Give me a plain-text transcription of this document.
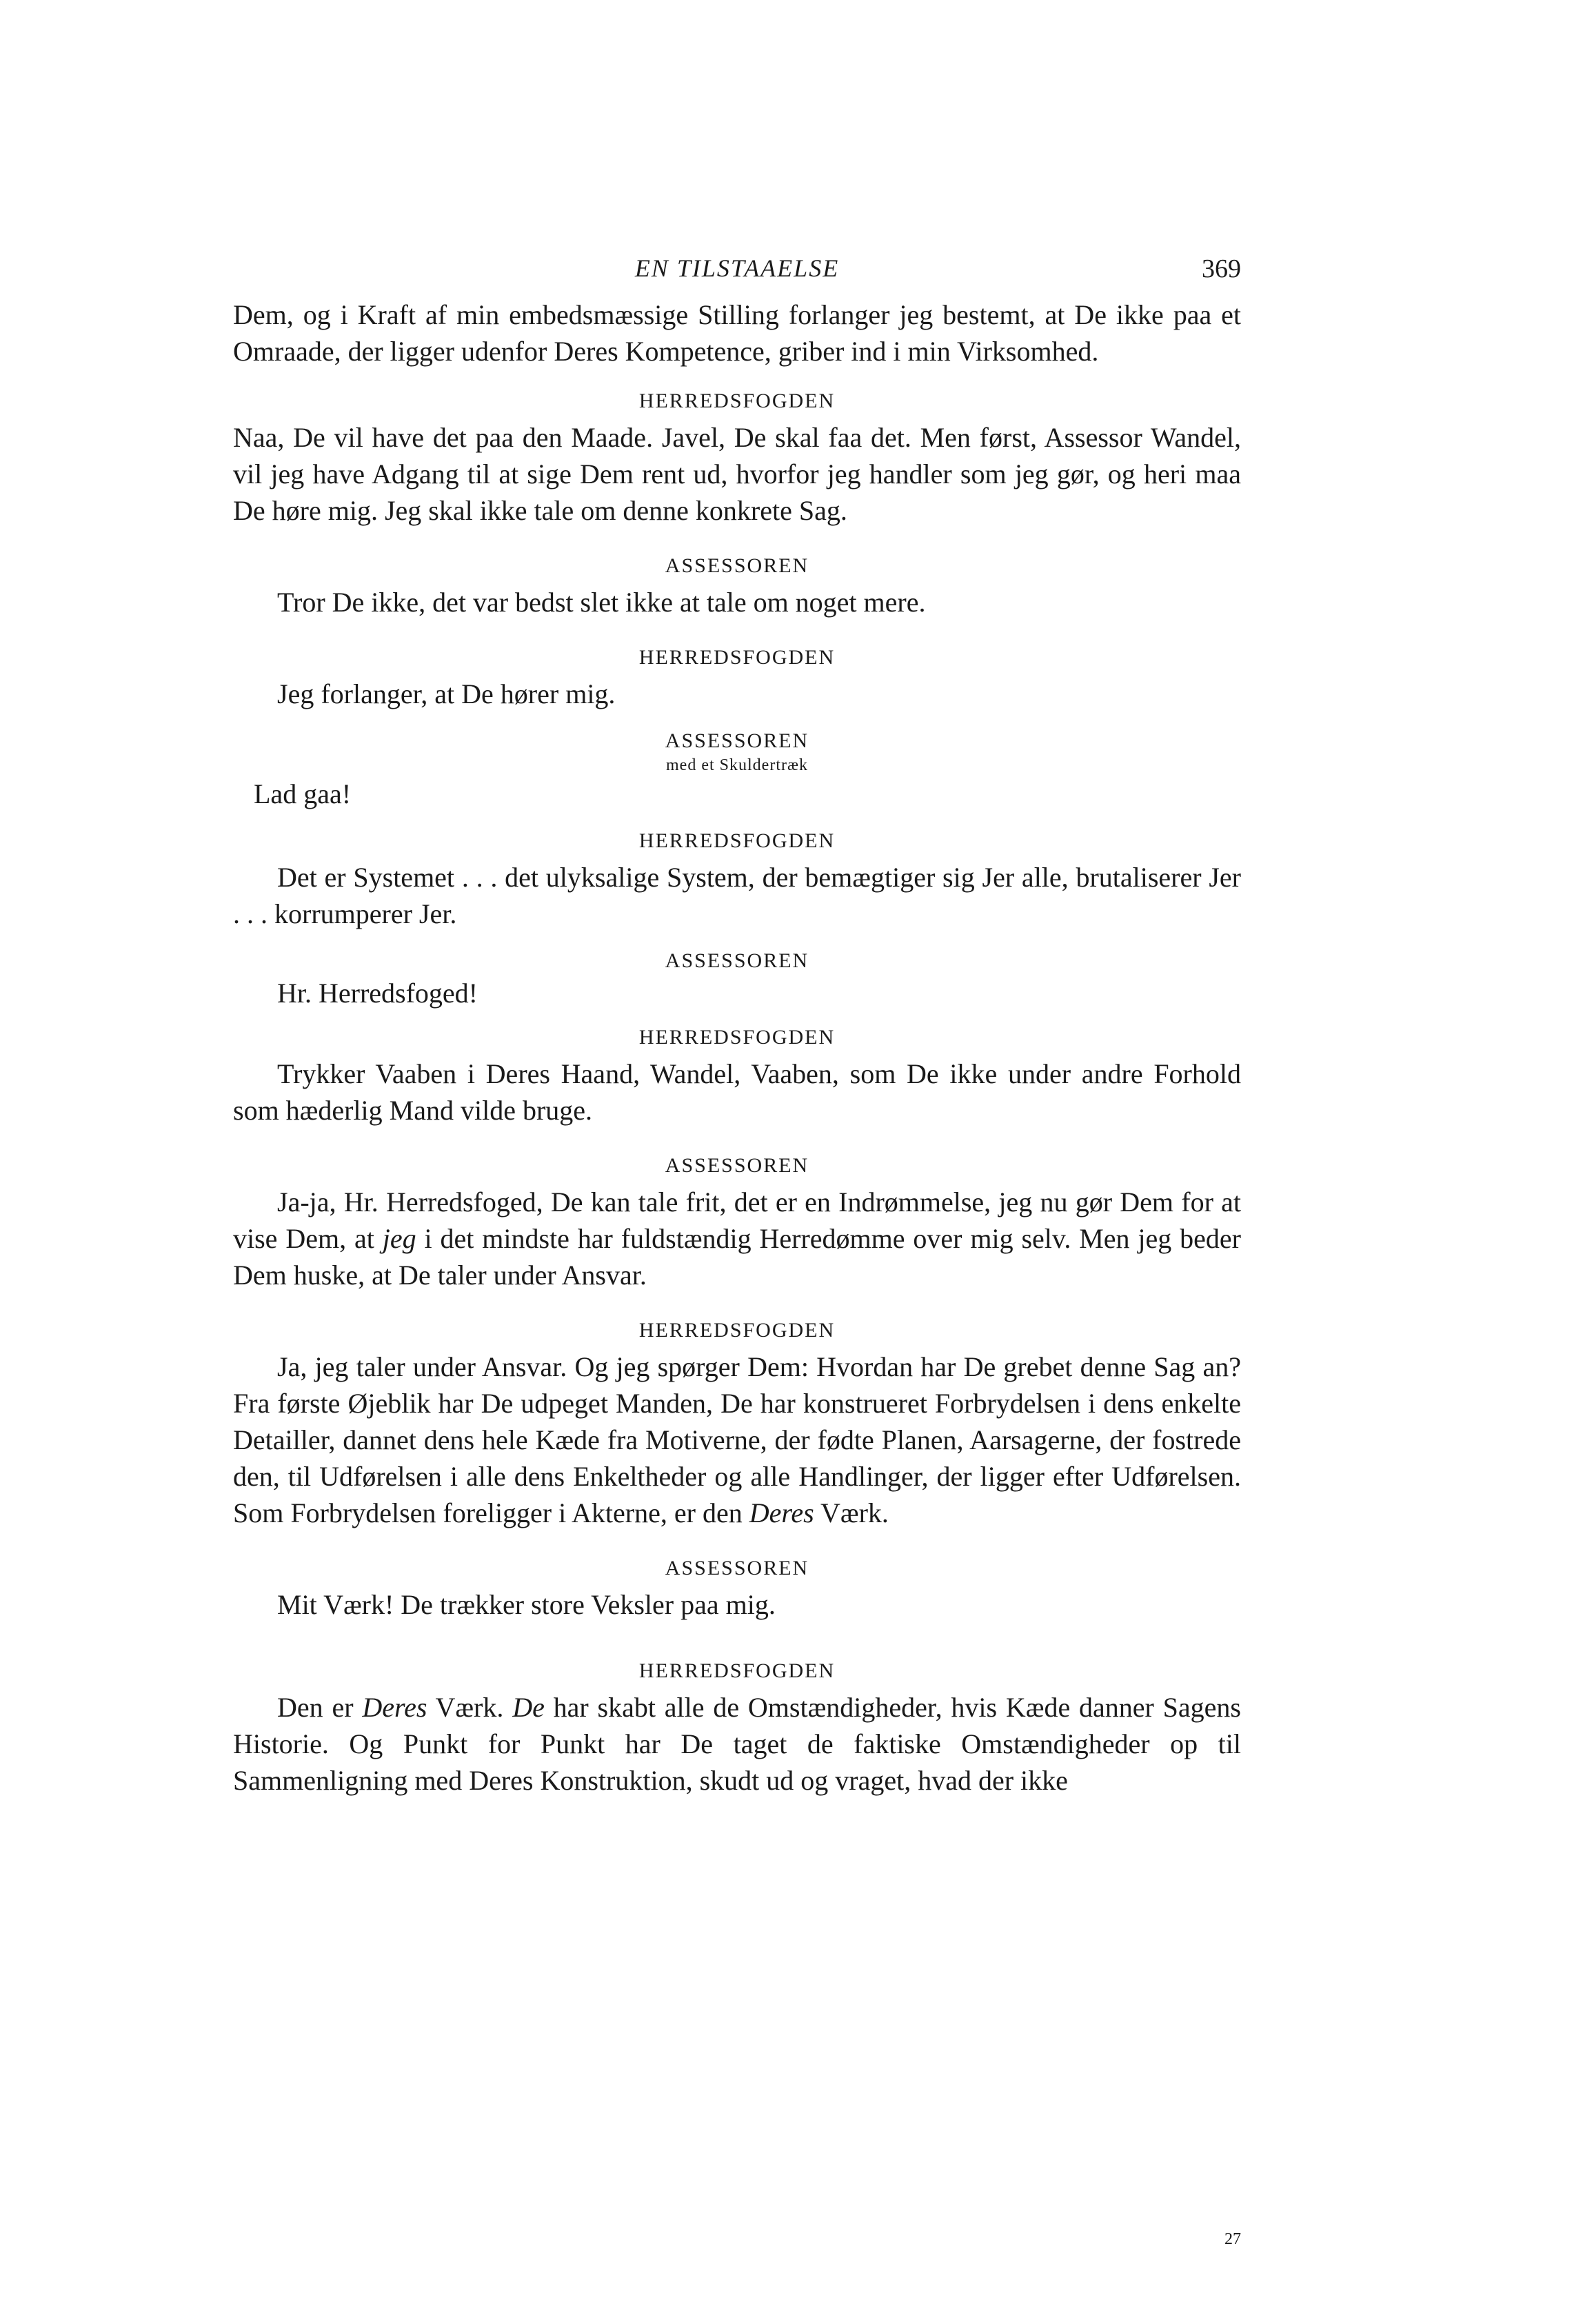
EN TILSTAAELSE	369

Dem, og i Kraft af min embedsmæssige Stilling forlanger jeg bestemt, at De ikke paa et Omraade, der ligger udenfor Deres Kompetence, griber ind i min Virksomhed.

HERREDSFOGDEN

Naa, De vil have det paa den Maade. Javel, De skal faa det. Men først, Assessor Wandel, vil jeg have Adgang til at sige Dem rent ud, hvorfor jeg handler som jeg gør, og heri maa De høre mig. Jeg skal ikke tale om denne konkrete Sag.

ASSESSOREN

Tror De ikke, det var bedst slet ikke at tale om noget mere.

HERREDSFOGDEN

Jeg forlanger, at De hører mig.

ASSESSOREN
med et Skuldertræk

Lad gaa!

HERREDSFOGDEN

Det er Systemet . . . det ulyksalige System, der bemægtiger sig Jer alle, brutaliserer Jer . . . korrumperer Jer.

ASSESSOREN

Hr. Herredsfoged!

HERREDSFOGDEN

Trykker Vaaben i Deres Haand, Wandel, Vaaben, som De ikke under andre Forhold som hæderlig Mand vilde bruge.

ASSESSOREN

Ja-ja, Hr. Herredsfoged, De kan tale frit, det er en Indrømmelse, jeg nu gør Dem for at vise Dem, at jeg i det mindste har fuldstændig Herredømme over mig selv. Men jeg beder Dem huske, at De taler under Ansvar.

HERREDSFOGDEN

Ja, jeg taler under Ansvar. Og jeg spørger Dem: Hvordan har De grebet denne Sag an? Fra første Øjeblik har De udpeget Manden, De har konstrueret Forbrydelsen i dens enkelte Detailler, dannet dens hele Kæde fra Motiverne, der fødte Planen, Aarsagerne, der fostrede den, til Udførelsen i alle dens Enkeltheder og alle Handlinger, der ligger efter Udførelsen. Som Forbrydelsen foreligger i Akterne, er den Deres Værk.

ASSESSOREN

Mit Værk! De trækker store Veksler paa mig.

HERREDSFOGDEN

Den er Deres Værk. De har skabt alle de Omstændigheder, hvis Kæde danner Sagens Historie. Og Punkt for Punkt har De taget de faktiske Omstændigheder op til Sammenligning med Deres Konstruktion, skudt ud og vraget, hvad der ikke

27
